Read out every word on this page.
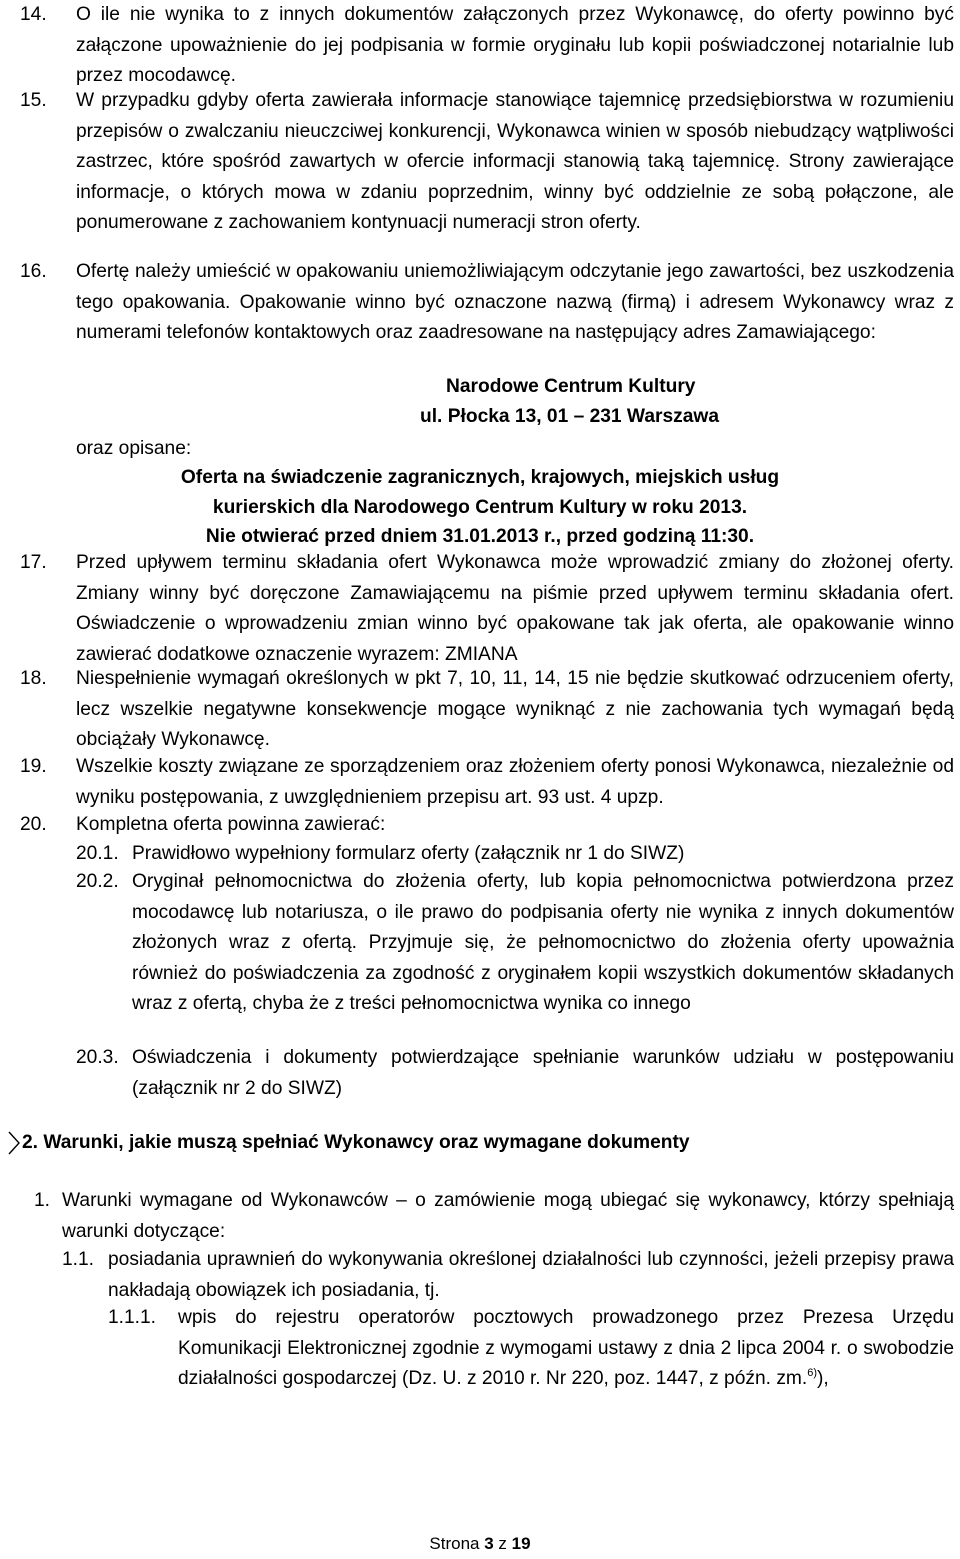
14. O ile nie wynika to z innych dokumentów załączonych przez Wykonawcę, do oferty powinno być załączone upoważnienie do jej podpisania w formie oryginału lub kopii poświadczonej notarialnie lub przez mocodawcę.
15. W przypadku gdyby oferta zawierała informacje stanowiące tajemnicę przedsiębiorstwa w rozumieniu przepisów o zwalczaniu nieuczciwej konkurencji, Wykonawca winien w sposób niebudzący wątpliwości zastrzec, które spośród zawartych w ofercie informacji stanowią taką tajemnicę. Strony zawierające informacje, o których mowa w zdaniu poprzednim, winny być oddzielnie ze sobą połączone, ale ponumerowane z zachowaniem kontynuacji numeracji stron oferty.
16. Ofertę należy umieścić w opakowaniu uniemożliwiającym odczytanie jego zawartości, bez uszkodzenia tego opakowania. Opakowanie winno być oznaczone nazwą (firmą) i adresem Wykonawcy wraz z numerami telefonów kontaktowych oraz zaadresowane na następujący adres Zamawiającego:
Narodowe Centrum Kultury
ul. Płocka 13, 01 – 231 Warszawa
oraz opisane:
Oferta na świadczenie zagranicznych, krajowych, miejskich usług
kurierskich dla Narodowego Centrum Kultury w roku 2013.
Nie otwierać przed dniem 31.01.2013 r., przed godziną 11:30.
17. Przed upływem terminu składania ofert Wykonawca może wprowadzić zmiany do złożonej oferty. Zmiany winny być doręczone Zamawiającemu na piśmie przed upływem terminu składania ofert. Oświadczenie o wprowadzeniu zmian winno być opakowane tak jak oferta, ale opakowanie winno zawierać dodatkowe oznaczenie wyrazem: ZMIANA
18. Niespełnienie wymagań określonych w pkt 7, 10, 11, 14, 15 nie będzie skutkować odrzuceniem oferty, lecz wszelkie negatywne konsekwencje mogące wyniknąć z nie zachowania tych wymagań będą obciążały Wykonawcę.
19. Wszelkie koszty związane ze sporządzeniem oraz złożeniem oferty ponosi Wykonawca, niezależnie od wyniku postępowania, z uwzględnieniem przepisu art. 93 ust. 4 upzp.
20. Kompletna oferta powinna zawierać:
20.1. Prawidłowo wypełniony formularz oferty (załącznik nr 1 do SIWZ)
20.2. Oryginał pełnomocnictwa do złożenia oferty, lub kopia pełnomocnictwa potwierdzona przez mocodawcę lub notariusza, o ile prawo do podpisania oferty nie wynika z innych dokumentów złożonych wraz z ofertą. Przyjmuje się, że pełnomocnictwo do złożenia oferty upoważnia również do poświadczenia za zgodność z oryginałem kopii wszystkich dokumentów składanych wraz z ofertą, chyba że z treści pełnomocnictwa wynika co innego
20.3. Oświadczenia i dokumenty potwierdzające spełnianie warunków udziału w postępowaniu (załącznik nr 2 do SIWZ)
2. Warunki, jakie muszą spełniać Wykonawcy oraz wymagane dokumenty
1. Warunki wymagane od Wykonawców – o zamówienie mogą ubiegać się wykonawcy, którzy spełniają warunki dotyczące:
1.1. posiadania uprawnień do wykonywania określonej działalności lub czynności, jeżeli przepisy prawa nakładają obowiązek ich posiadania, tj.
1.1.1. wpis do rejestru operatorów pocztowych prowadzonego przez Prezesa Urzędu Komunikacji Elektronicznej zgodnie z wymogami ustawy z dnia 2 lipca 2004 r. o swobodzie działalności gospodarczej (Dz. U. z 2010 r. Nr 220, poz. 1447, z późn. zm.$^{6)}$),
Strona 3 z 19
